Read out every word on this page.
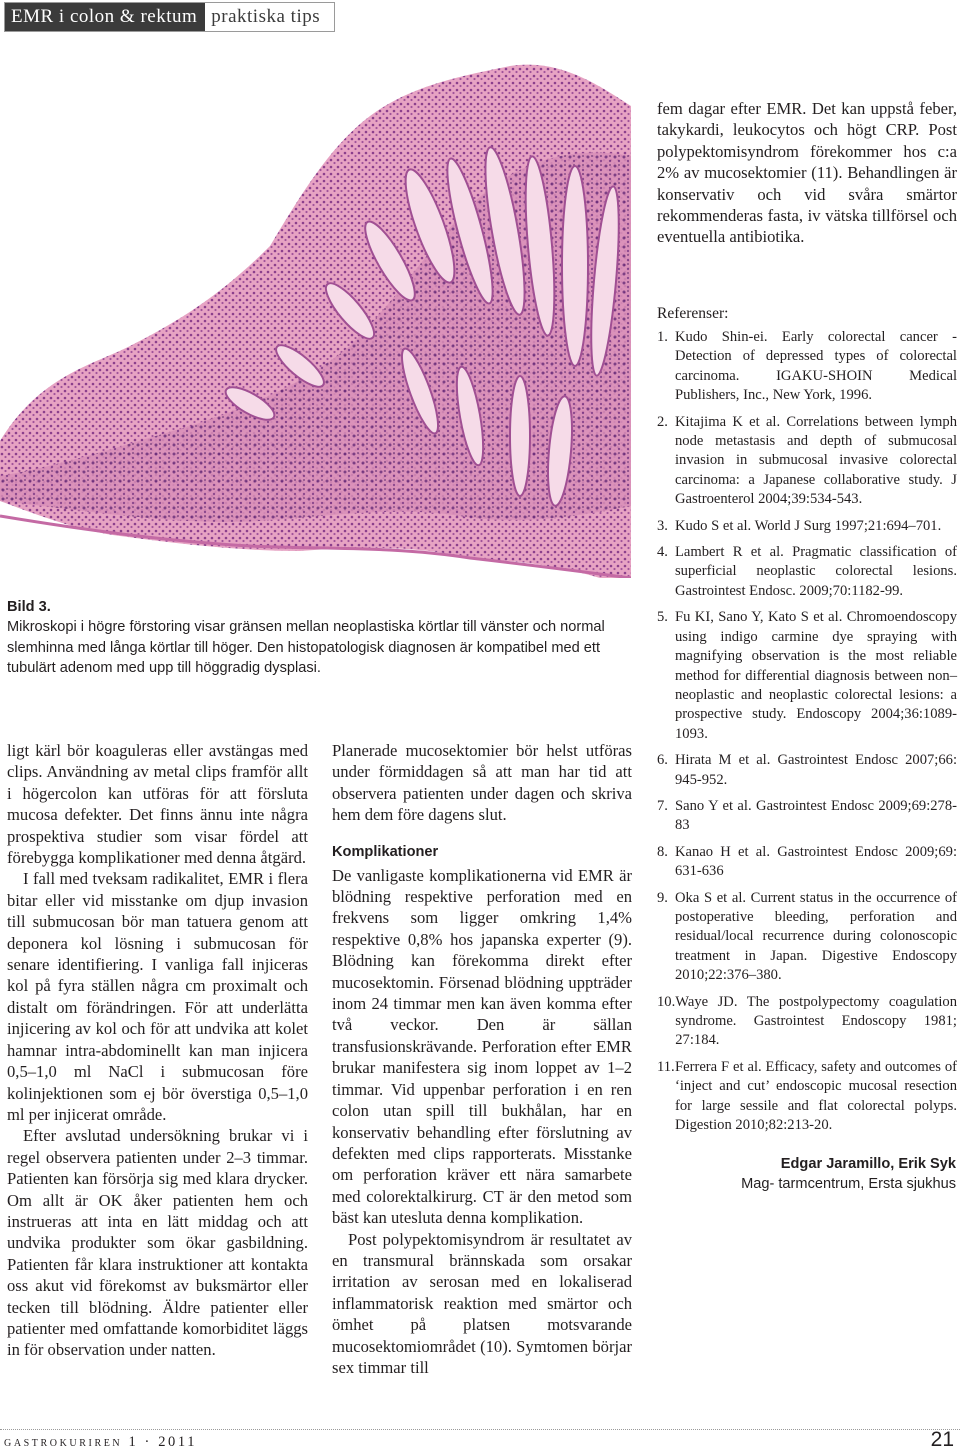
EMR i colon & rektum praktiska tips
Bild 3.
Mikroskopi i högre förstoring visar gränsen mellan neoplastiska körtlar till vänster och normal slemhinna med långa körtlar till höger. Den histopatologisk diagnosen är kompatibel med ett tubulärt adenom med upp till höggradig dysplasi.

ligt kärl bör koaguleras eller avstängas med clips. Användning av metal clips framför allt i högercolon kan utföras för att försluta mucosa defekter. Det finns ännu inte några prospektiva studier som visar fördel att förebygga komplikationer med denna åtgärd.

I fall med tveksam radikalitet, EMR i flera bitar eller vid misstanke om djup invasion till submucosan bör man tatuera genom att deponera kol lösning i submucosan för senare identifiering. I vanliga fall injiceras kol på fyra ställen några cm proximalt och distalt om förändringen. För att underlätta injicering av kol och för att undvika att kolet hamnar intra-abdominellt kan man injicera 0,5–1,0 ml NaCl i submucosan före kolinjektionen som ej bör överstiga 0,5–1,0 ml per injicerat område.

Efter avslutad undersökning brukar vi i regel observera patienten under 2–3 timmar. Patienten kan försörja sig med klara drycker. Om allt är OK åker patienten hem och instrueras att inta en lätt middag och att undvika produkter som ökar gasbildning. Patienten får klara instruktioner att kontakta oss akut vid förekomst av buksmärtor eller tecken till blödning. Äldre patienter eller patienter med omfattande komorbiditet läggs in för observation under natten.

Planerade mucosektomier bör helst utföras under förmiddagen så att man har tid att observera patienten under dagen och skriva hem dem före dagens slut.

Komplikationer

De vanligaste komplikationerna vid EMR är blödning respektive perforation med en frekvens som ligger omkring 1,4% respektive 0,8% hos japanska experter (9). Blödning kan förekomma direkt efter mucosektomin. Försenad blödning uppträder inom 24 timmar men kan även komma efter två veckor. Den är sällan transfusionskrävande. Perforation efter EMR brukar manifestera sig inom loppet av 1–2 timmar. Vid uppenbar perforation i en ren colon utan spill till bukhålan, har en konservativ behandling efter förslutning av defekten med clips rapporterats. Misstanke om perforation kräver ett nära samarbete med colorektalkirurg. CT är den metod som bäst kan utesluta denna komplikation.

Post polypektomisyndrom är resultatet av en transmural brännskada som orsakar irritation av serosan med en lokaliserad inflammatorisk reaktion med smärtor och ömhet på platsen motsvarande mucosektomiområdet (10). Symtomen börjar sex timmar till

fem dagar efter EMR. Det kan uppstå feber, takykardi, leukocytos och högt CRP. Post polypektomisyndrom förekommer hos c:a 2% av mucosektomier (11). Behandlingen är konservativ och vid svåra smärtor rekommenderas fasta, iv vätska tillförsel och eventuella antibiotika.

Referenser:
1. Kudo Shin-ei. Early colorectal cancer - Detection of depressed types of colorectal carcinoma. IGAKU-SHOIN Medical Publishers, Inc., New York, 1996.
2. Kitajima K et al. Correlations between lymph node metastasis and depth of submucosal invasion in submucosal invasive colorectal carcinoma: a Japanese collaborative study. J Gastroenterol 2004;39:534-543.
3. Kudo S et al. World J Surg 1997;21:694–701.
4. Lambert R et al. Pragmatic classification of superficial neoplastic colorectal lesions. Gastrointest Endosc. 2009;70:1182-99.
5. Fu KI, Sano Y, Kato S et al. Chromoendoscopy using indigo carmine dye spraying with magnifying observation is the most reliable method for differential diagnosis between non–neoplastic and neoplastic colorectal lesions: a prospective study. Endoscopy 2004;36:1089-1093.
6. Hirata M et al. Gastrointest Endosc 2007;66: 945-952.
7. Sano Y et al. Gastrointest Endosc 2009;69:278-83
8. Kanao H et al. Gastrointest Endosc 2009;69: 631-636
9. Oka S et al. Current status in the occurrence of postoperative bleeding, perforation and residual/local recurrence during colonoscopic treatment in Japan. Digestive Endoscopy 2010;22:376–380.
10. Waye JD. The postpolypectomy coagulation syndrome. Gastrointest Endoscopy 1981; 27:184.
11. Ferrera F et al. Efficacy, safety and outcomes of ‘inject and cut’ endoscopic mucosal resection for large sessile and flat colorectal polyps. Digestion 2010;82:213-20.
Edgar Jaramillo, Erik Syk
Mag- tarmcentrum, Ersta sjukhus
gastrokuriren 1 · 2011	21
